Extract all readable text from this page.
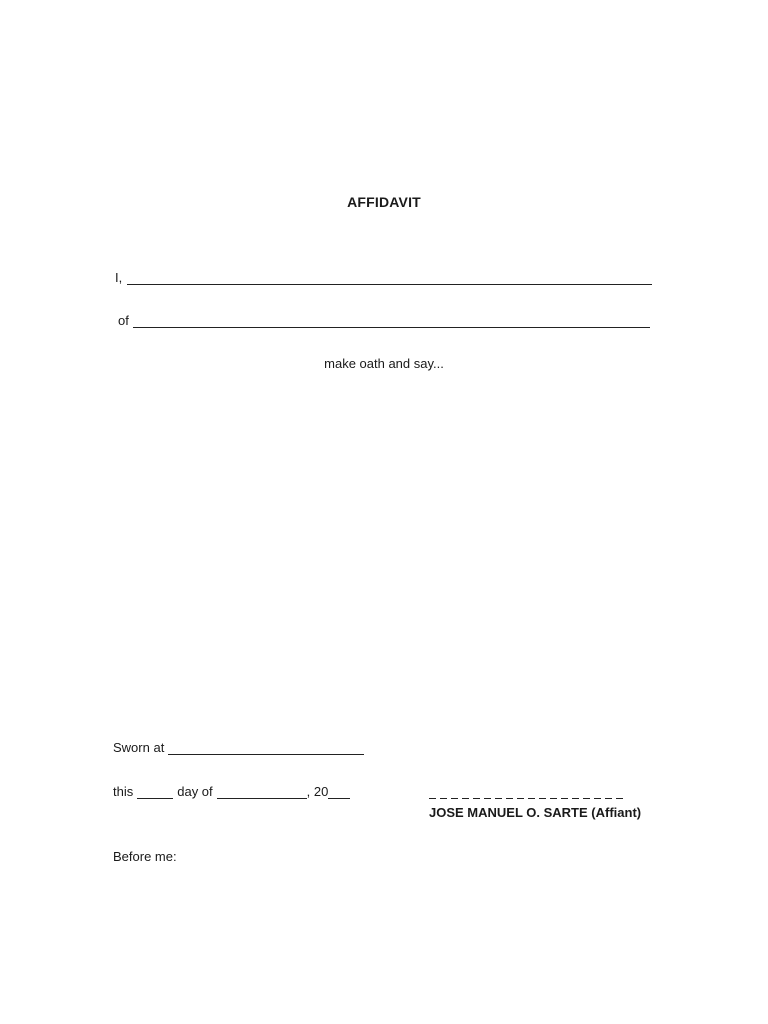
AFFIDAVIT
I,
of
make oath and say...
Sworn at
this	day of	, 20
JOSE MANUEL O. SARTE (Affiant)
Before me:
